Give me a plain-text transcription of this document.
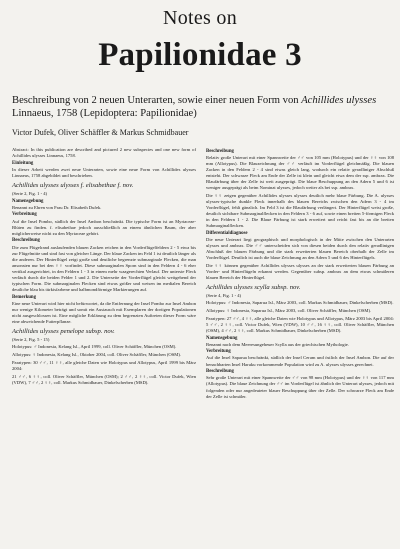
Notes on
Papilionidae 3
Beschreibung von 2 neuen Unterarten, sowie einer neuen Form von Achillides ulysses Linnaeus, 1758 (Lepidoptera: Papilionidae)
Victor Dufek, Oliver Schäffler & Markus Schmidbauer
Abstract: In this publication are described and pictured 2 new subspecies and one new form of Achillides ulysses Linnaeus, 1758.
Einleitung
In dieser Arbeit werden zwei neue Unterarten, sowie eine neue Form von Achillides ulysses Linnaeus, 1758 abgebildet und beschrieben.
Achillides ulysses ulysses f. elisabethae f. nov.
(Serie 2, Fig. 1 - 4)
Namensgebung
Benannt zu Ehren von Frau Dr. Elisabeth Dufek.
Verbreitung
Auf die Insel Pombo, südlich der Insel Ambon beschränkt. Die typische Form ist an Myrtaceae-Blüten zu finden. f. elisabethae jedoch ausschließlich an einem ähnlichen Baum, der aber möglicherweise nicht zu den Myrtaceae gehört.
Beschreibung
Die zum Flügelrand auslaufenden blauen Zacken reichen in den Vorderflügelfeldern 2 - 5 etwa bis zur Flügelmitte und sind fast von gleicher Länge. Der blaue Zacken im Feld 1 ist deutlich länger als die anderen. Der Hinterflügel zeigt große und deutliche begrenzte submarginale Flecken, die man ansonsten nur bei den ♀♀ vorfindet. Diese submarginalen Sporn sind in den Feldern 4 - 6 eher vertikal ausgerichtet, in den Feldern 1 - 3 in einem mehr waagerechten Verlauf. Der unterste Fleck verläuft durch die beiden Felder 1 und 2. Die Unterseite der Vorderflügel gleicht weitgehend der typischen Form. Die submarginalen Flecken sind etwas größer und weisen im medialen Bereich deutliche blau bis türkisfarbene und halbmondförmige Markierungen auf.
Bemerkung
Eine neue Unterart wird hier nicht befürwortet, da die Entfernung der Insel Pombo zur Insel Ambon nur wenige Kilometer beträgt und somit ein Austausch mit Exemplaren der dortigen Populationen nicht ausgeschlossen ist. Eine mögliche Erklärung zu dem begrenzten Auftreten dieser Form wäre eine abweichende Futterpflanze.
Achillides ulysses penelope subsp. nov.
(Serie 2, Fig. 5 - 15)
Holotypus: ♂ Indonesia, Kelang Isl., April 1999, coll. Oliver Schäffler, München (OSM).
Allotypus: ♀ Indonesia, Kelang Isl., Oktober 2004, coll. Oliver Schäffler, München (OSM).
Paratypen: 30 ♂♂, 11 ♀♀, alle gleiche Daten wie Holotypus und Allotypus, April 1999 bis März 2004:
21 ♂♂, 6 ♀♀, coll. Oliver Schäffler, München (OSM); 2 ♂♂, 2 ♀♀, coll. Victor Dufek, Wien (VDW), 7 ♂♂, 2 ♀♀, coll. Markus Schmidbauer, Dinkelscherben (MSD).
Beschreibung
Relativ große Unterart mit einer Spannweite der ♂♂ von 105 mm (Holotypus) und der ♀♀ von 108 mm (Allotypus). Die Blauzeichnung der ♂♂ verläuft im Vorderflügel gleichmäßig. Die blauen Zacken in den Feldern 2 - 4 sind etwas gleich lang, wodurch ein relativ geradliniger Abschluß entsteht. Der schwarze Fleck am Ende der Zelle ist klein und gleicht etwa dem der ssp. ambrax. Die Blaufärbung über der Zelle ist weit ausgeprägt. Die blaue Beschuppung an den Adern 5 und 6 ist weniger ausgeprägt als beim Nominat ulysses, jedoch weiter als bei ssp. ambrax.
Die ♀♀ zeigen gegenüber Achillides ulysses ulysses deutlich mehr blaue Färbung. Die A. ulysses ulysses-typische dunkle Fleck innerhalb des blauen Bereichs zwischen den Adern 3 - 4 im Vorderflügel, fehlt gänzlich. Im Feld 3 ist die Blaufärbung verlängert. Der Hinterflügel weist große, deutlich sichtbare Submarginalflecken in den Feldern 3 - 6 auf, sowie einen breiten 5-förmigen Fleck in den Feldern 1 - 2. Die Blaue Färbung ist stark erweitert und reicht fast bis an die breiten Submarginalflecken.
Differentialdiagnose
Die neue Unterart liegt geographisch und morphologisch in der Mitte zwischen den Unterarten ulysses und ambrax. Die ♂♂ unterscheiden sich von diesen beiden durch den relativ geradlinigen Abschluß der blauen Färbung und die stark erweiterten blauen Bereich oberhalb der Zelle im Vorderflügel. Deutlich ist auch die blaue Zeichnung an den Adern 5 und 6 des Hinterflügels.
Die ♀♀ können gegenüber Achillides ulysses ulysses an der stark erweiterten blauen Färbung an Vorder- und Hinterflügeln erkannt werden. Gegenüber subsp. ambrax an dem etwas schmäleren blauen Bereich der Hinterflügel.
Achillides ulysses scylla subsp. nov.
(Serie 4, Fig. 1 - 4)
Holotypus: ♂ Indonesia, Saparua Isl., März 2003, coll. Markus Schmidbauer, Dinkelscherben (MSD).
Allotypus: ♀ Indonesia, Saparua Isl., März 2003, coll. Oliver Schäffler, München (OSM).
Paratypen: 27 ♂♂, 4 ♀♀, alle gleiche Daten wie Holotypus und Allotypus, März 2003 bis April 2004: 5 ♂♂, 2 ♀♀, coll. Victor Dufek, Wien (VDW), 10 ♂♂, 16 ♀♀, coll. Oliver Schäffler, München (OSM), 4 ♂♂, 2 ♀♀, coll. Markus Schmidbauer, Dinkelscherben (MSD).
Namensgebung
Benannt nach dem Meeresungeheuer Scylla aus der griechischen Mythologie.
Verbreitung
Auf die Insel Saparua beschränkt, südlich der Insel Ceram und östlich der Insel Ambon. Die auf der benachbarten Insel Haruku vorkommende Population wird zu A. ulysses ulysses gerechnet.
Beschreibung
Sehr große Unterart mit einer Spannweite der ♂♂ von 98 mm (Holotypus) und der ♀♀ von 117 mm (Allotypus). Die blaue Zeichnung der ♂♂ im Vorderflügel ist ähnlich der Unterart ulysses, jedoch mit folgenden oder nur angedeuteter blauer Beschuppung über der Zelle. Der schwarze Fleck am Ende der Zelle ist schmäler.
